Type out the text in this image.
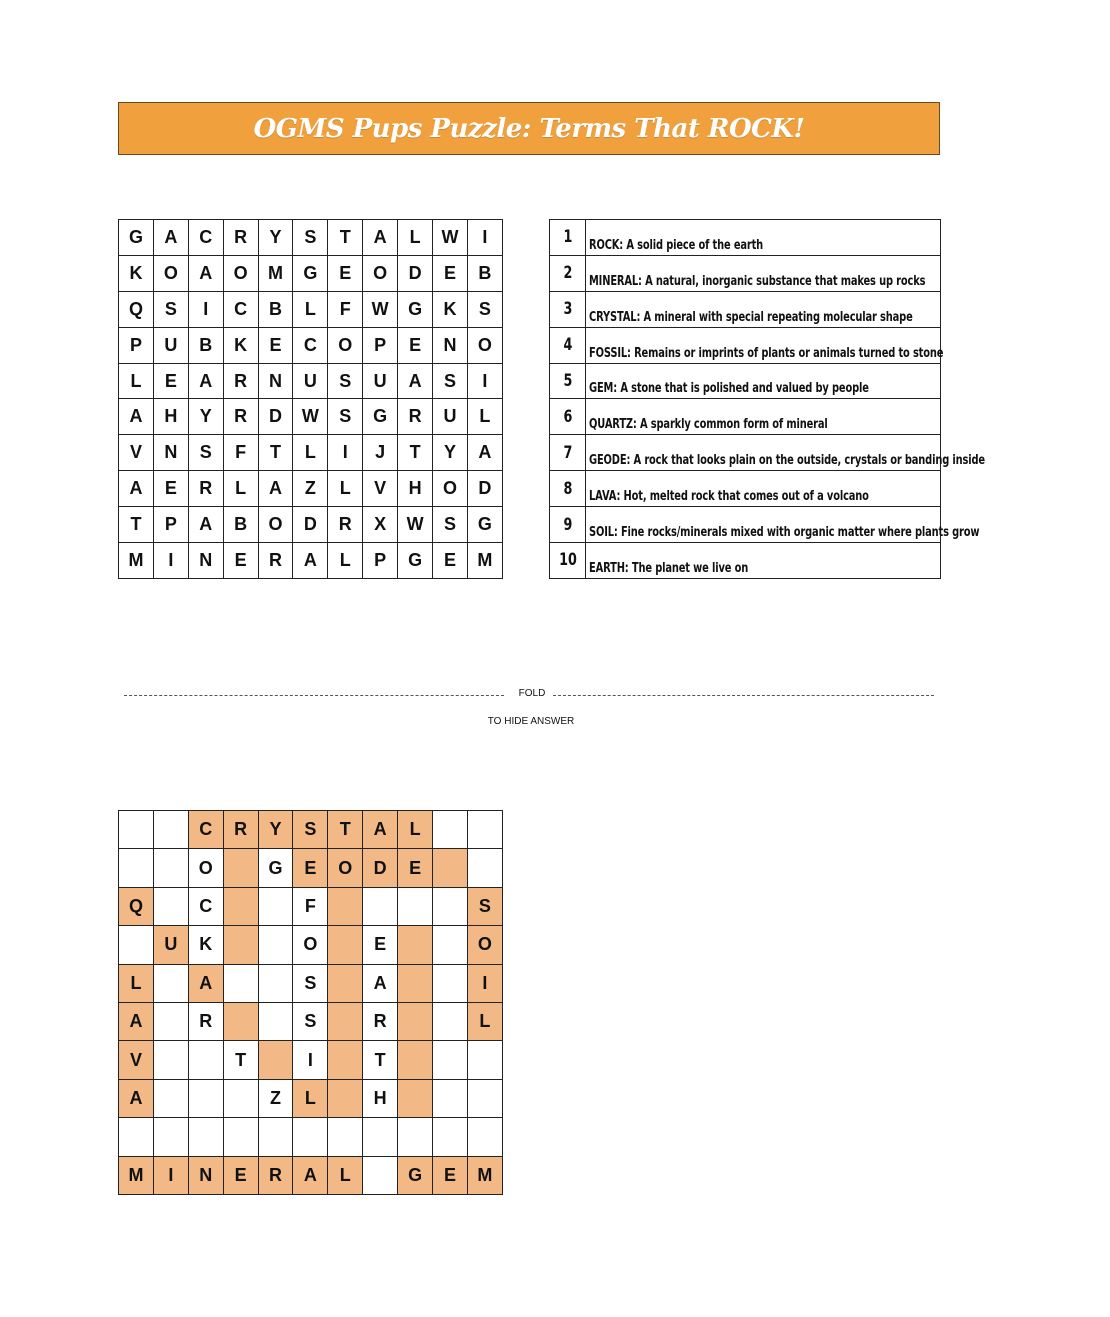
OGMS Pups Puzzle: Terms That ROCK!
G	A	C	R	Y	S	T	A	L	W	I
K	O	A	O	M	G	E	O	D	E	B
Q	S	I	C	B	L	F	W	G	K	S
P	U	B	K	E	C	O	P	E	N	O
L	E	A	R	N	U	S	U	A	S	I
A	H	Y	R	D	W	S	G	R	U	L
V	N	S	F	T	L	I	J	T	Y	A
A	E	R	L	A	Z	L	V	H	O	D
T	P	A	B	O	D	R	X	W	S	G
M	I	N	E	R	A	L	P	G	E	M
1	ROCK: A solid piece of the earth
2	MINERAL: A natural, inorganic substance that makes up rocks
3	CRYSTAL: A mineral with special repeating molecular shape
4	FOSSIL: Remains or imprints of plants or animals turned to stone
5	GEM: A stone that is polished and valued by people
6	QUARTZ: A sparkly common form of mineral
7	GEODE: A rock that looks plain on the outside, crystals or banding inside
8	LAVA: Hot, melted rock that comes out of a volcano
9	SOIL: Fine rocks/minerals mixed with organic matter where plants grow
10	EARTH: The planet we live on
FOLD
TO HIDE ANSWER
		C	R	Y	S	T	A	L		
		O		G	E	O	D	E		
Q		C			F					S
	U	K			O		E			O
L		A			S		A			I
A		R			S		R			L
V			T		I		T			
A				Z	L		H			

M	I	N	E	R	A	L		G	E	M
